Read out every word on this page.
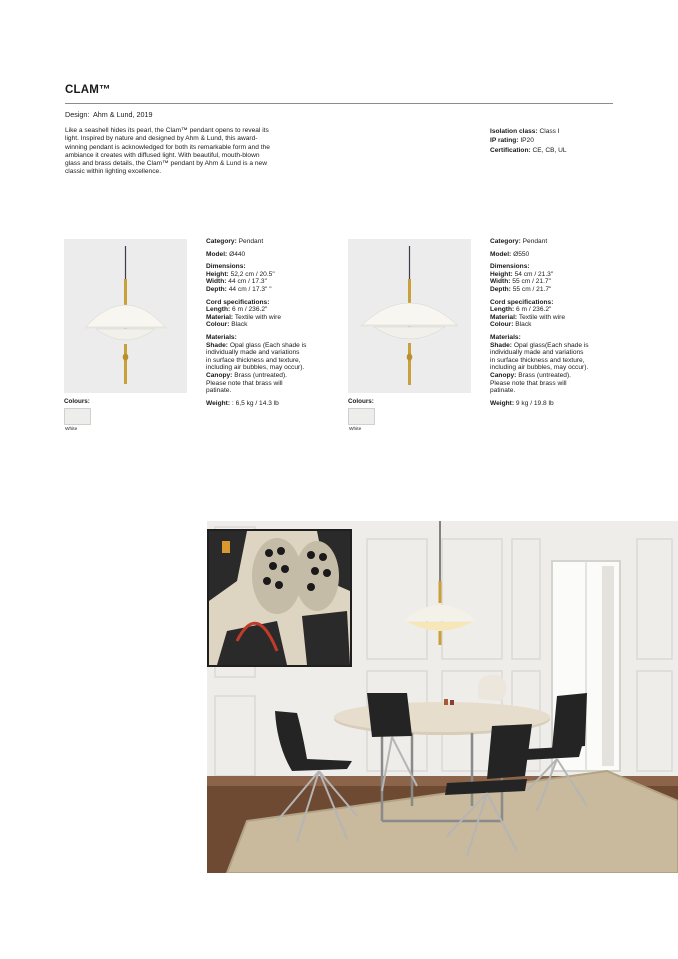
CLAM™
Design: Ahm & Lund, 2019
Like a seashell hides its pearl, the Clam™ pendant opens to reveal its
light. Inspired by nature and designed by Ahm & Lund, this award-
winning pendant is acknowledged for both its remarkable form and the
ambiance it creates with diffused light. With beautiful, mouth-blown
glass and brass details, the Clam™ pendant by Ahm & Lund is a new
classic within lighting excellence.
Isolation class: Class I
IP rating: IP20
Certification: CE, CB, UL
Colours:
White
Category: Pendant
Model: Ø440
Dimensions:
Height: 52,2 cm / 20.5"
Width: 44 cm / 17.3"
Depth: 44 cm / 17.3" "
Cord specifications:
Length: 6 m / 236.2"
Material: Textile with wire
Colour: Black
Materials:
Shade: Opal glass (Each shade is
individually made and variations
in surface thickness and texture,
including air bubbles, may occur).
Canopy: Brass (untreated).
Please note that brass will
patinate.
Weight: : 6,5 kg / 14.3 lb	Colours:
White
Category: Pendant
Model: Ø550
Dimensions:
Height: 54 cm / 21.3"
Width: 55 cm / 21.7"
Depth: 55 cm / 21.7"
Cord specifications:
Length: 6 m / 236.2"
Material: Textile with wire
Colour: Black
Materials:
Shade: Opal glass(Each shade is
individually made and variations
in surface thickness and texture,
including air bubbles, may occur).
Canopy: Brass (untreated).
Please note that brass will
patinate.
Weight: 9 kg / 19.8 lb
